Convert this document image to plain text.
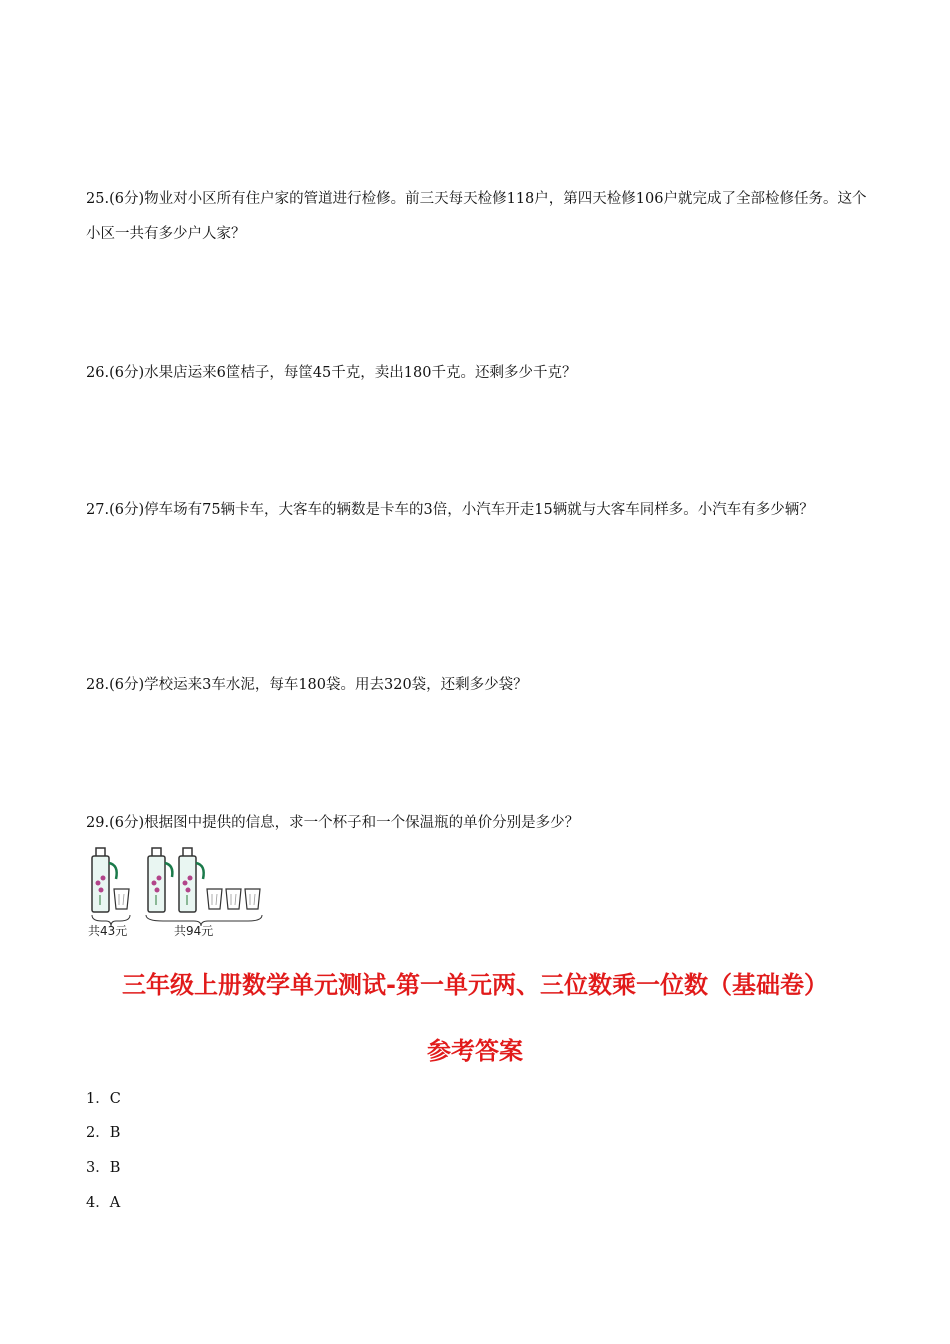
25.(6分)物业对小区所有住户家的管道进行检修。前三天每天检修118户，第四天检修106户就完成了全部检修任务。这个小区一共有多少户人家？
26.(6分)水果店运来6筐桔子，每筐45千克，卖出180千克。还剩多少千克？
27.(6分)停车场有75辆卡车，大客车的辆数是卡车的3倍，小汽车开走15辆就与大客车同样多。小汽车有多少辆？
28.(6分)学校运来3车水泥，每车180袋。用去320袋，还剩多少袋？
29.(6分)根据图中提供的信息，求一个杯子和一个保温瓶的单价分别是多少？
共43元	共94元
三年级上册数学单元测试-第一单元两、三位数乘一位数（基础卷）
参考答案
1．C
2．B
3．B
4．A
